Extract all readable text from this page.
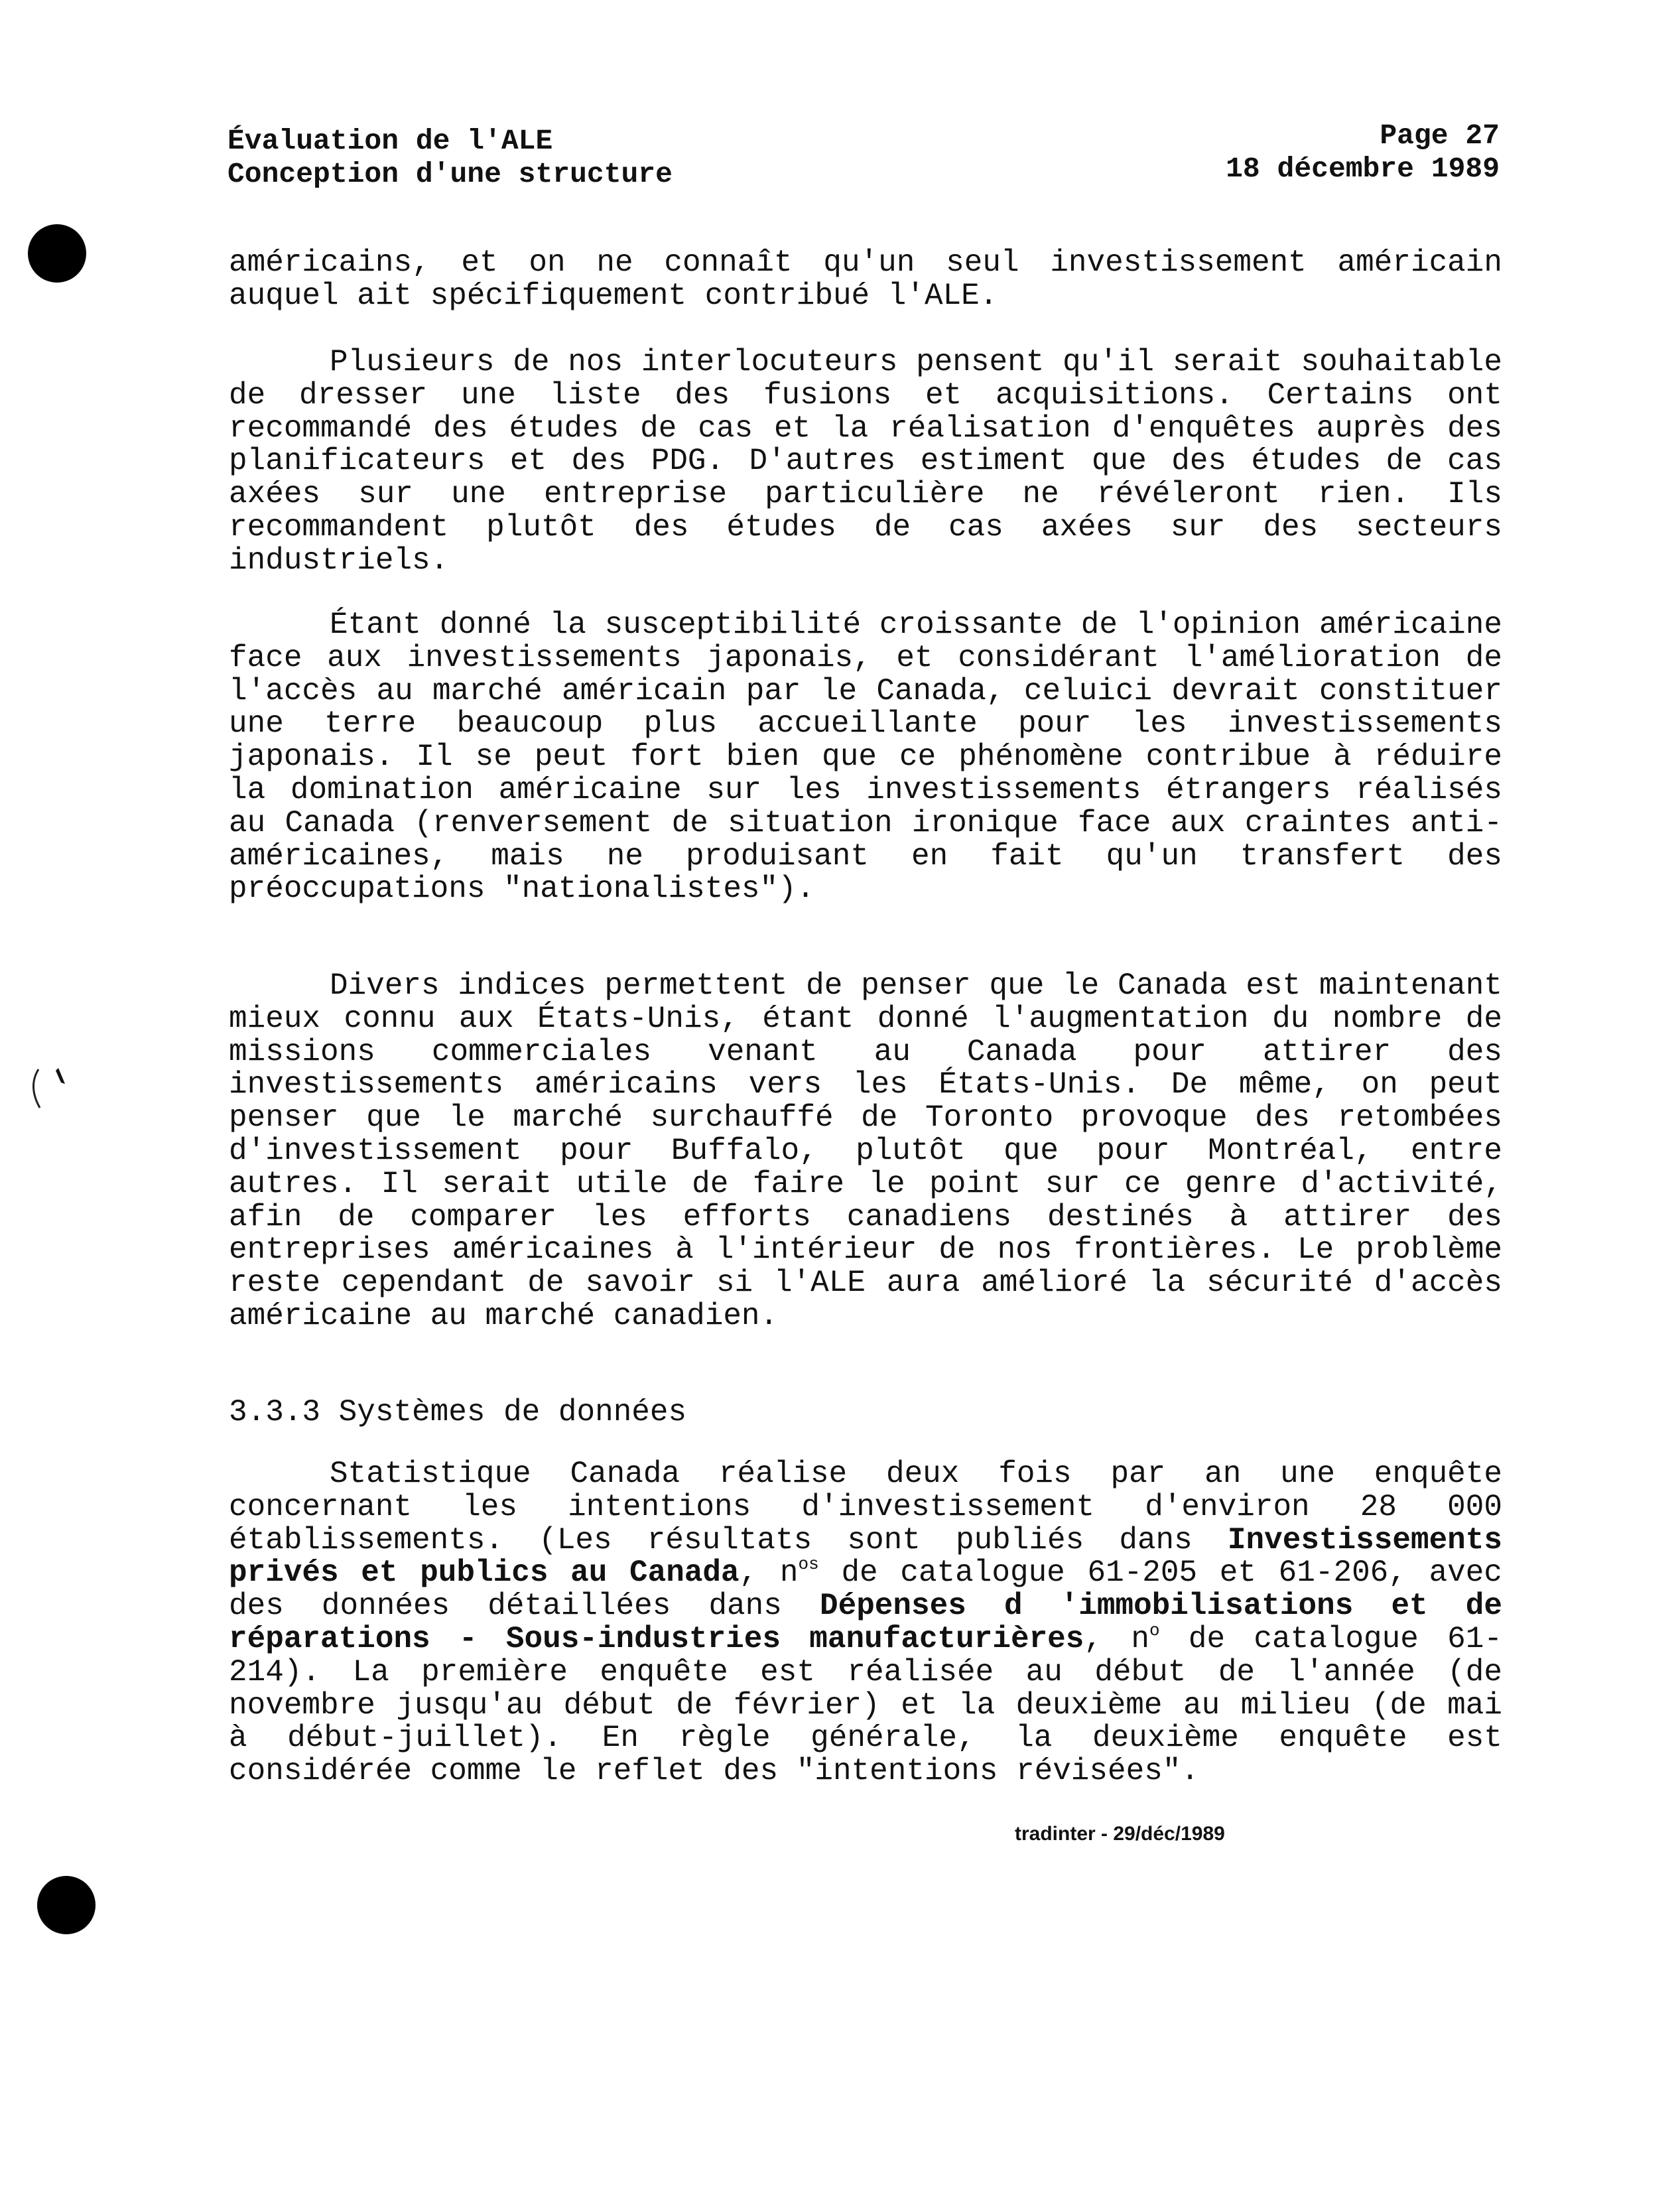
Évaluation de l'ALE
Conception d'une structure
Page 27
18 décembre 1989

américains, et on ne connaît qu'un seul investissement américain auquel ait spécifiquement contribué l'ALE.

Plusieurs de nos interlocuteurs pensent qu'il serait souhaitable de dresser une liste des fusions et acquisitions. Certains ont recommandé des études de cas et la réalisation d'enquêtes auprès des planificateurs et des PDG. D'autres estiment que des études de cas axées sur une entreprise particulière ne révéleront rien. Ils recommandent plutôt des études de cas axées sur des secteurs industriels.

Étant donné la susceptibilité croissante de l'opinion américaine face aux investissements japonais, et considérant l'amélioration de l'accès au marché américain par le Canada, celuici devrait constituer une terre beaucoup plus accueillante pour les investissements japonais. Il se peut fort bien que ce phénomène contribue à réduire la domination américaine sur les investissements étrangers réalisés au Canada (renversement de situation ironique face aux craintes anti-américaines, mais ne produisant en fait qu'un transfert des préoccupations "nationalistes").

Divers indices permettent de penser que le Canada est maintenant mieux connu aux États-Unis, étant donné l'augmentation du nombre de missions commerciales venant au Canada pour attirer des investissements américains vers les États-Unis. De même, on peut penser que le marché surchauffé de Toronto provoque des retombées d'investissement pour Buffalo, plutôt que pour Montréal, entre autres. Il serait utile de faire le point sur ce genre d'activité, afin de comparer les efforts canadiens destinés à attirer des entreprises américaines à l'intérieur de nos frontières. Le problème reste cependant de savoir si l'ALE aura amélioré la sécurité d'accès américaine au marché canadien.

3.3.3 Systèmes de données

Statistique Canada réalise deux fois par an une enquête concernant les intentions d'investissement d'environ 28 000 établissements. (Les résultats sont publiés dans Investissements privés et publics au Canada, $n^{os}$ de catalogue 61-205 et 61-206, avec des données détaillées dans Dépenses d 'immobilisations et de réparations - Sous-industries manufacturières, $n^o$ de catalogue 61-214). La première enquête est réalisée au début de l'année (de novembre jusqu'au début de février) et la deuxième au milieu (de mai à début-juillet). En règle générale, la deuxième enquête est considérée comme le reflet des "intentions révisées".

tradinter - 29/déc/1989
